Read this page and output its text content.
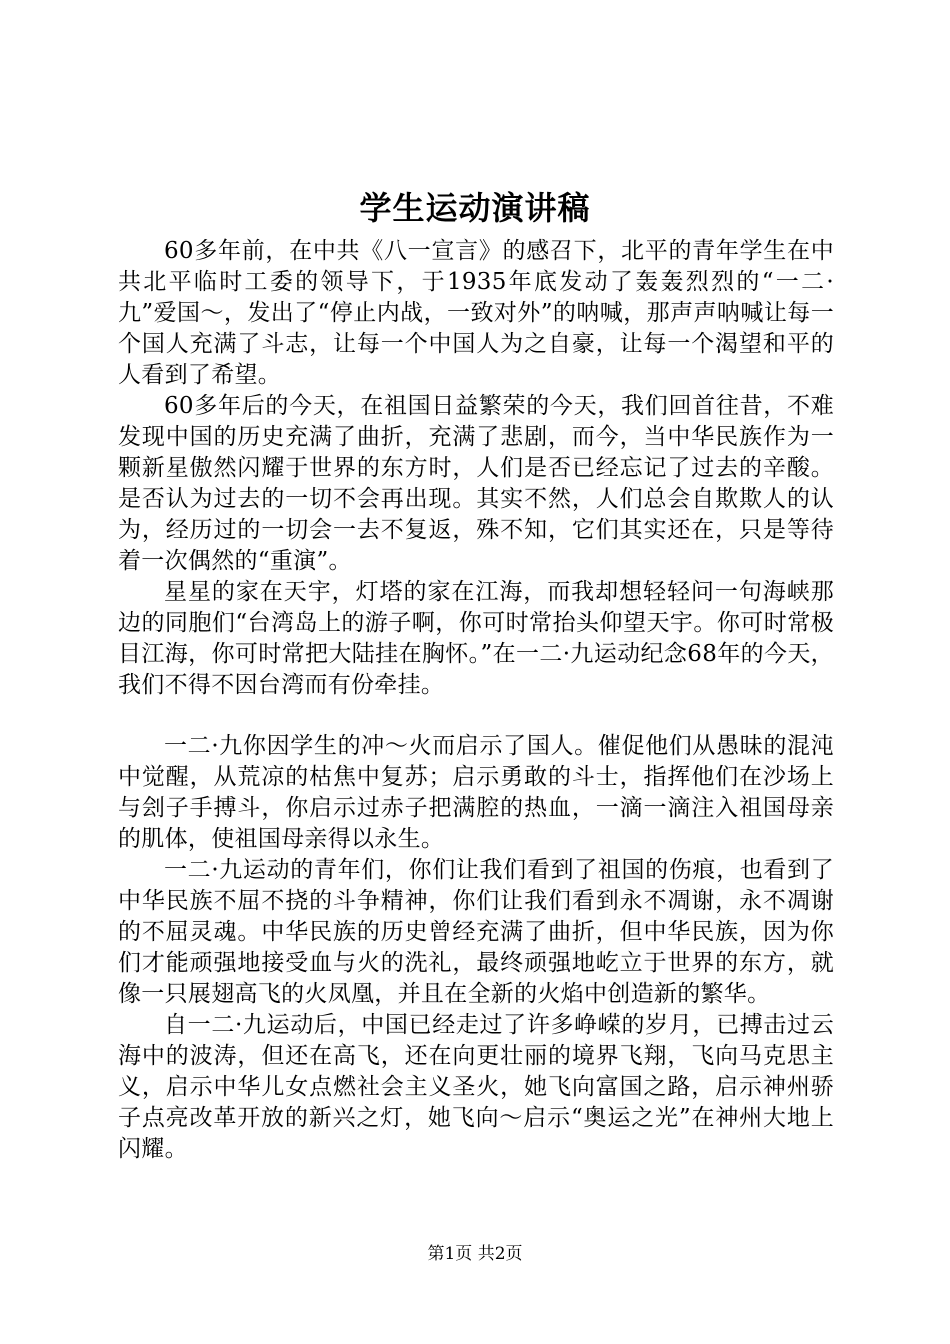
学生运动演讲稿

60多年前，在中共《八一宣言》的感召下，北平的青年学生在中共北平临时工委的领导下，于1935年底发动了轰轰烈烈的“一二·九”爱国～，发出了“停止内战，一致对外”的呐喊，那声声呐喊让每一个国人充满了斗志，让每一个中国人为之自豪，让每一个渴望和平的人看到了希望。

60多年后的今天，在祖国日益繁荣的今天，我们回首往昔，不难发现中国的历史充满了曲折，充满了悲剧，而今，当中华民族作为一颗新星傲然闪耀于世界的东方时，人们是否已经忘记了过去的辛酸。是否认为过去的一切不会再出现。其实不然，人们总会自欺欺人的认为，经历过的一切会一去不复返，殊不知，它们其实还在，只是等待着一次偶然的“重演”。

星星的家在天宇，灯塔的家在江海，而我却想轻轻问一句海峡那边的同胞们“台湾岛上的游子啊，你可时常抬头仰望天宇。你可时常极目江海，你可时常把大陆挂在胸怀。”在一二·九运动纪念68年的今天，我们不得不因台湾而有份牵挂。

一二·九你因学生的冲～火而启示了国人。催促他们从愚昧的混沌中觉醒，从荒凉的枯焦中复苏；启示勇敢的斗士，指挥他们在沙场上与刽子手搏斗，你启示过赤子把满腔的热血，一滴一滴注入祖国母亲的肌体，使祖国母亲得以永生。

一二·九运动的青年们，你们让我们看到了祖国的伤痕，也看到了中华民族不屈不挠的斗争精神，你们让我们看到永不凋谢，永不凋谢的不屈灵魂。中华民族的历史曾经充满了曲折，但中华民族，因为你们才能顽强地接受血与火的洗礼，最终顽强地屹立于世界的东方，就像一只展翅高飞的火凤凰，并且在全新的火焰中创造新的繁华。

自一二·九运动后，中国已经走过了许多峥嵘的岁月，已搏击过云海中的波涛，但还在高飞，还在向更壮丽的境界飞翔，飞向马克思主义，启示中华儿女点燃社会主义圣火，她飞向富国之路，启示神州骄子点亮改革开放的新兴之灯，她飞向～启示“奥运之光”在神州大地上闪耀。

第1页 共2页
